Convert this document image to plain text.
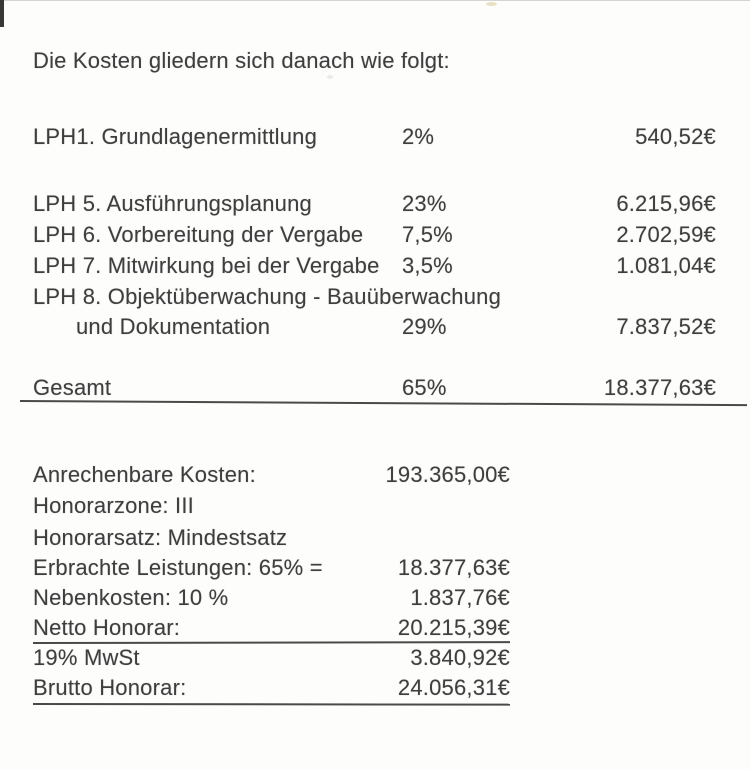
Die Kosten gliedern sich danach wie folgt:
LPH1. Grundlagenermittlung	2%	540,52€
LPH 5. Ausführungsplanung	23%	6.215,96€
LPH 6. Vorbereitung der Vergabe 7,5%	2.702,59€
LPH 7. Mitwirkung bei der Vergabe 3,5%	1.081,04€
LPH 8. Objektüberwachung - Bauüberwachung
und Dokumentation	29%	7.837,52€
Gesamt	65%	18.377,63€
Anrechenbare Kosten:	193.365,00€
Honorarzone: III
Honorarsatz: Mindestsatz
Erbrachte Leistungen: 65% =	18.377,63€
Nebenkosten: 10 %	1.837,76€
Netto Honorar:	20.215,39€
19% MwSt	3.840,92€
Brutto Honorar:	24.056,31€
